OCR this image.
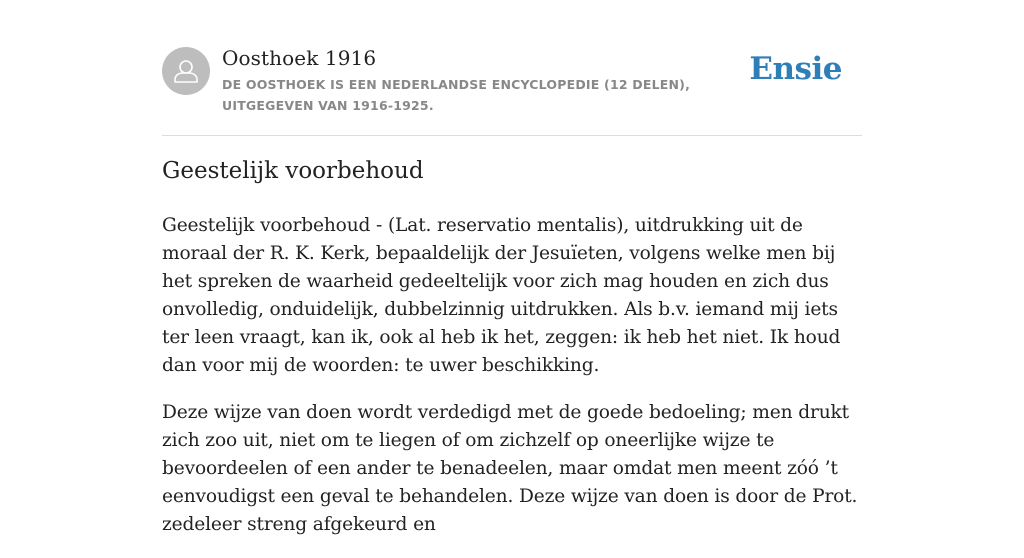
Oosthoek 1916
DE OOSTHOEK IS EEN NEDERLANDSE ENCYCLOPEDIE (12 DELEN), UITGEGEVEN VAN 1916-1925.
Ensie
Geestelijk voorbehoud

Geestelijk voorbehoud - (Lat. reservatio mentalis), uitdrukking uit de moraal der R. K. Kerk, bepaaldelijk der Jesuïeten, volgens welke men bij het spreken de waarheid gedeeltelijk voor zich mag houden en zich dus onvolledig, onduidelijk, dubbelzinnig uitdrukken. Als b.v. iemand mij iets ter leen vraagt, kan ik, ook al heb ik het, zeggen: ik heb het niet. Ik houd dan voor mij de woorden: te uwer beschikking.

Deze wijze van doen wordt verdedigd met de goede bedoeling; men drukt zich zoo uit, niet om te liegen of om zichzelf op oneerlijke wijze te bevoordeelen of een ander te benadeelen, maar omdat men meent zóó ’t eenvoudigst een geval te behandelen. Deze wijze van doen is door de Prot. zedeleer streng afgekeurd en
